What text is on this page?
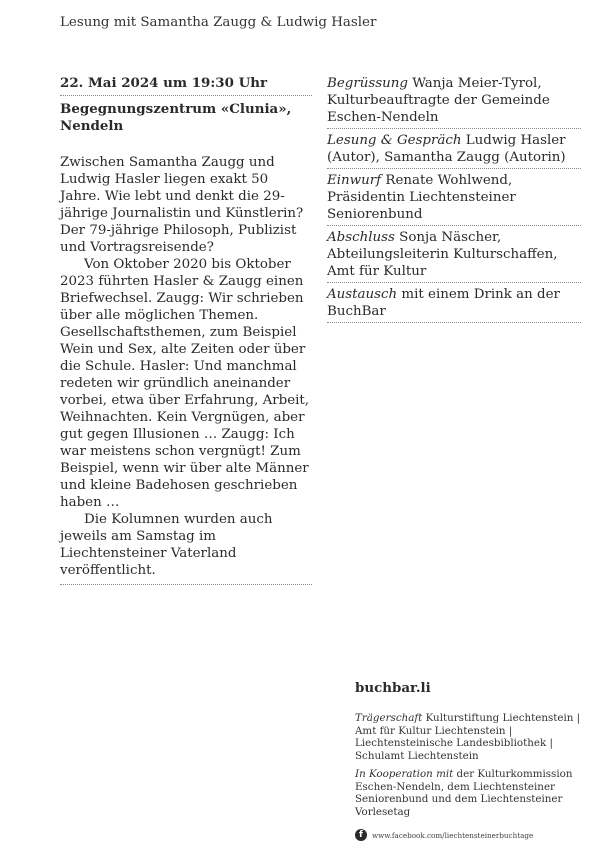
Lesung mit Samantha Zaugg & Ludwig Hasler
22. Mai 2024 um 19:30 Uhr
Begegnungszentrum «Clunia», Nendeln

Zwischen Samantha Zaugg und Ludwig Hasler liegen exakt 50 Jahre. Wie lebt und denkt die 29-jährige Journalistin und Künstlerin? Der 79-jährige Philosoph, Publizist und Vortragsreisende?

Von Oktober 2020 bis Oktober 2023 führten Hasler & Zaugg einen Briefwechsel. Zaugg: Wir schrieben über alle möglichen Themen. Gesellschaftsthemen, zum Beispiel Wein und Sex, alte Zeiten oder über die Schule. Hasler: Und manchmal redeten wir gründlich aneinander vorbei, etwa über Erfahrung, Arbeit, Weihnachten. Kein Vergnügen, aber gut gegen Illusionen … Zaugg: Ich war meistens schon vergnügt! Zum Beispiel, wenn wir über alte Männer und kleine Badehosen geschrieben haben …

Die Kolumnen wurden auch jeweils am Samstag im Liechtensteiner Vaterland veröffentlicht.

Begrüssung Wanja Meier-Tyrol, Kulturbeauftragte der Gemeinde Eschen-Nendeln
Lesung & Gespräch Ludwig Hasler (Autor), Samantha Zaugg (Autorin)
Einwurf Renate Wohlwend, Präsidentin Liechtensteiner Seniorenbund
Abschluss Sonja Näscher, Abteilungsleiterin Kulturschaffen, Amt für Kultur
Austausch mit einem Drink an der BuchBar
buchbar.li
Trägerschaft Kulturstiftung Liechtenstein | Amt für Kultur Liechtenstein | Liechtensteinische Landesbibliothek | Schulamt Liechtenstein
In Kooperation mit der Kulturkommission Eschen-Nendeln, dem Liechtensteiner Seniorenbund und dem Liechtensteiner Vorlesetag
f	www.facebook.com/liechtensteinerbuchtage
